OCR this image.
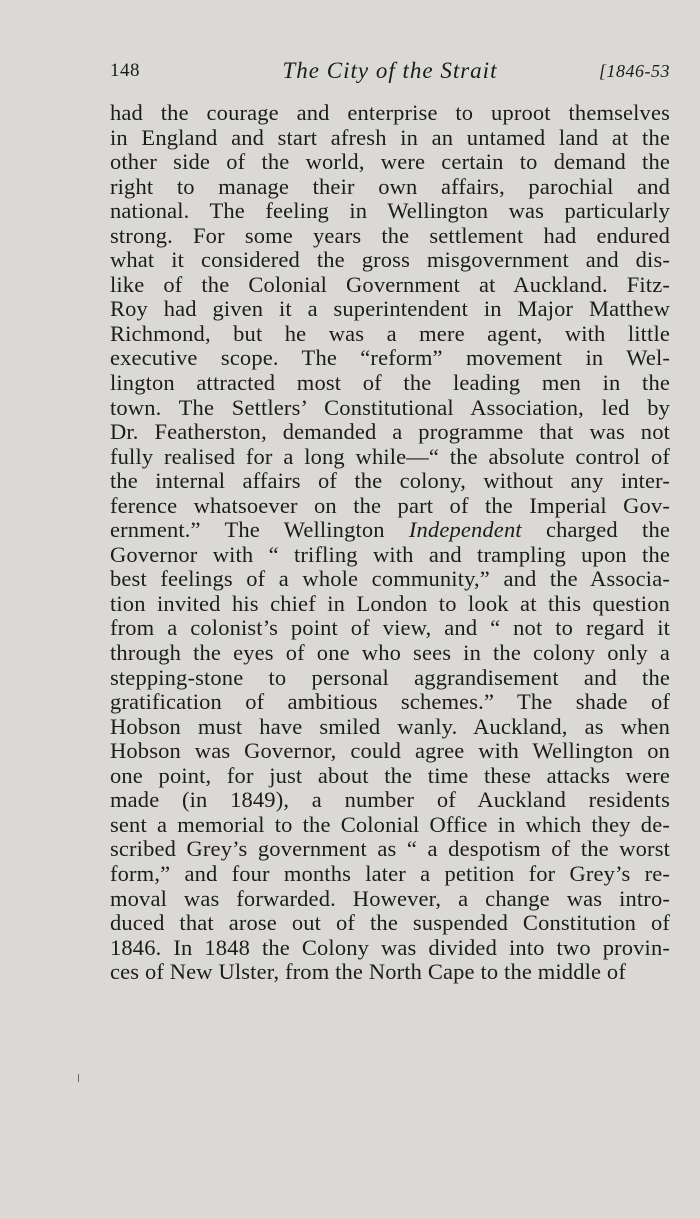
148	The City of the Strait	[1846-53
had the courage and enterprise to uproot themselves
in England and start afresh in an untamed land at the
other side of the world, were certain to demand the
right to manage their own affairs, parochial and
national. The feeling in Wellington was particularly
strong. For some years the settlement had endured
what it considered the gross misgovernment and dis-
like of the Colonial Government at Auckland. Fitz-
Roy had given it a superintendent in Major Matthew
Richmond, but he was a mere agent, with little
executive scope. The “reform” movement in Wel-
lington attracted most of the leading men in the
town. The Settlers’ Constitutional Association, led by
Dr. Featherston, demanded a programme that was not
fully realised for a long while—“ the absolute control of
the internal affairs of the colony, without any inter-
ference whatsoever on the part of the Imperial Gov-
ernment.” The Wellington Independent charged the
Governor with “ trifling with and trampling upon the
best feelings of a whole community,” and the Associa-
tion invited his chief in London to look at this question
from a colonist’s point of view, and “ not to regard it
through the eyes of one who sees in the colony only a
stepping-stone to personal aggrandisement and the
gratification of ambitious schemes.” The shade of
Hobson must have smiled wanly. Auckland, as when
Hobson was Governor, could agree with Wellington on
one point, for just about the time these attacks were
made (in 1849), a number of Auckland residents
sent a memorial to the Colonial Office in which they de-
scribed Grey’s government as “ a despotism of the worst
form,” and four months later a petition for Grey’s re-
moval was forwarded. However, a change was intro-
duced that arose out of the suspended Constitution of
1846. In 1848 the Colony was divided into two provin-
ces of New Ulster, from the North Cape to the middle of
